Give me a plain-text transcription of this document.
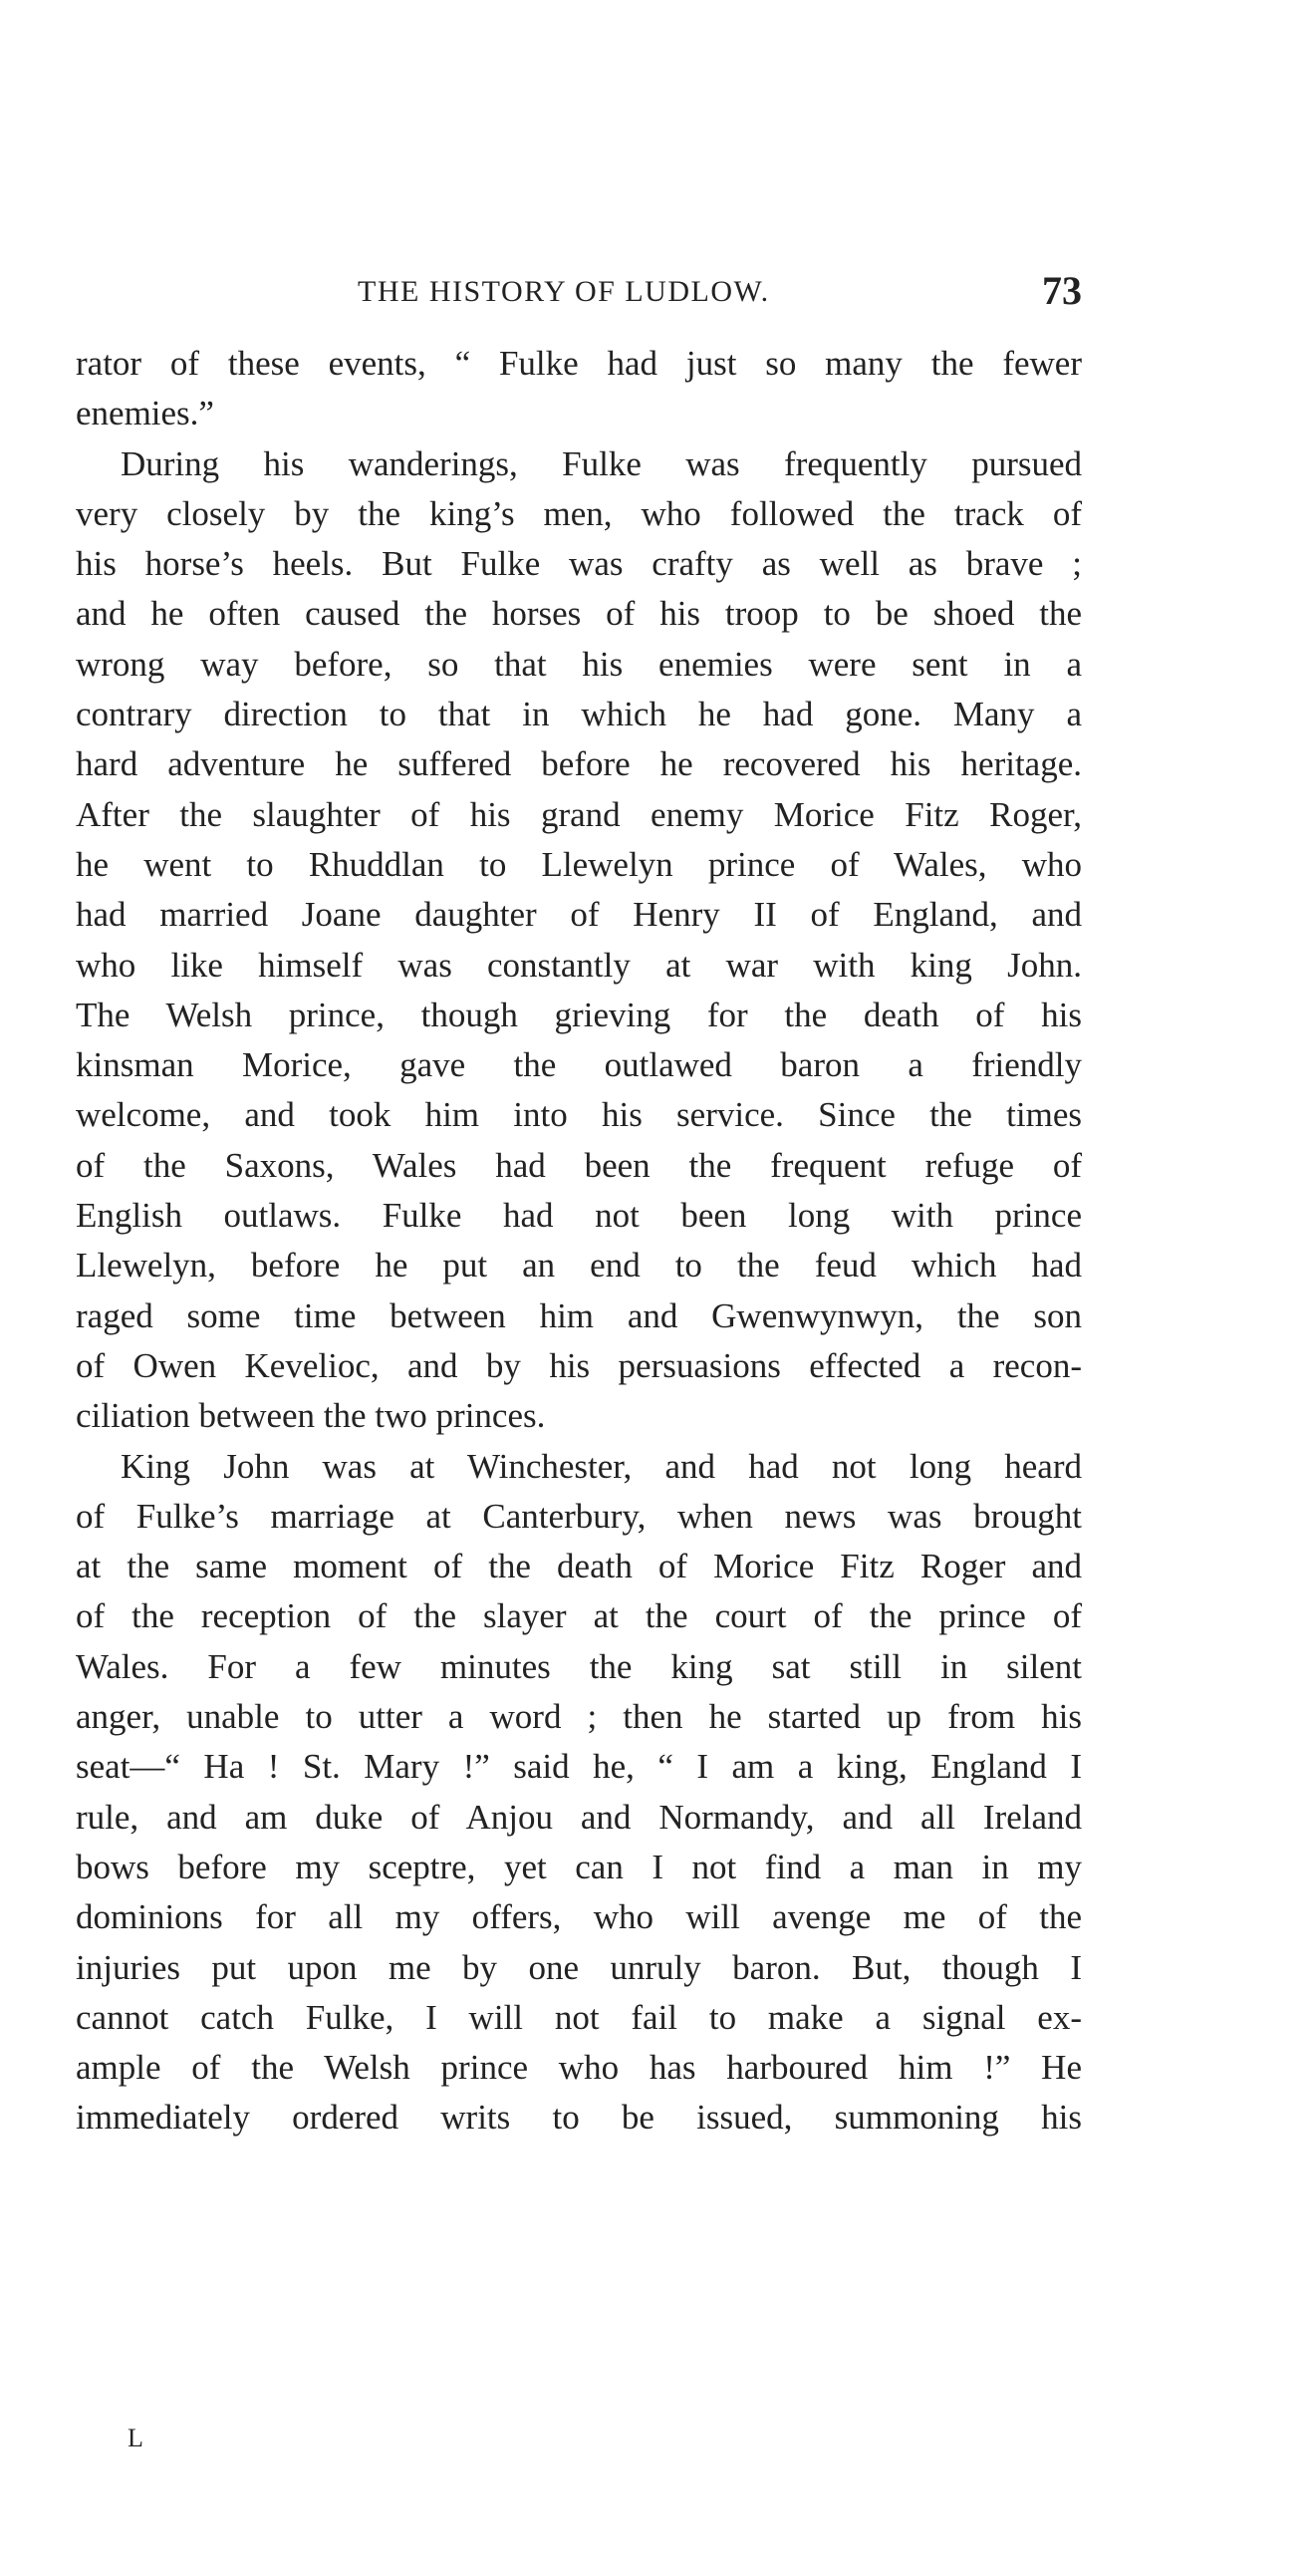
THE HISTORY OF LUDLOW.	73
rator of these events, “ Fulke had just so many the fewer
enemies.”
During his wanderings, Fulke was frequently pursued
very closely by the king’s men, who followed the track of
his horse’s heels. But Fulke was crafty as well as brave ;
and he often caused the horses of his troop to be shoed the
wrong way before, so that his enemies were sent in a
contrary direction to that in which he had gone. Many a
hard adventure he suffered before he recovered his heritage.
After the slaughter of his grand enemy Morice Fitz Roger,
he went to Rhuddlan to Llewelyn prince of Wales, who
had married Joane daughter of Henry II of England, and
who like himself was constantly at war with king John.
The Welsh prince, though grieving for the death of his
kinsman Morice, gave the outlawed baron a friendly
welcome, and took him into his service. Since the times
of the Saxons, Wales had been the frequent refuge of
English outlaws. Fulke had not been long with prince
Llewelyn, before he put an end to the feud which had
raged some time between him and Gwenwynwyn, the son
of Owen Kevelioc, and by his persuasions effected a recon-
ciliation between the two princes.
King John was at Winchester, and had not long heard
of Fulke’s marriage at Canterbury, when news was brought
at the same moment of the death of Morice Fitz Roger and
of the reception of the slayer at the court of the prince of
Wales. For a few minutes the king sat still in silent
anger, unable to utter a word ; then he started up from his
seat—“ Ha ! St. Mary !” said he, “ I am a king, England I
rule, and am duke of Anjou and Normandy, and all Ireland
bows before my sceptre, yet can I not find a man in my
dominions for all my offers, who will avenge me of the
injuries put upon me by one unruly baron. But, though I
cannot catch Fulke, I will not fail to make a signal ex-
ample of the Welsh prince who has harboured him !” He
immediately ordered writs to be issued, summoning his
L
